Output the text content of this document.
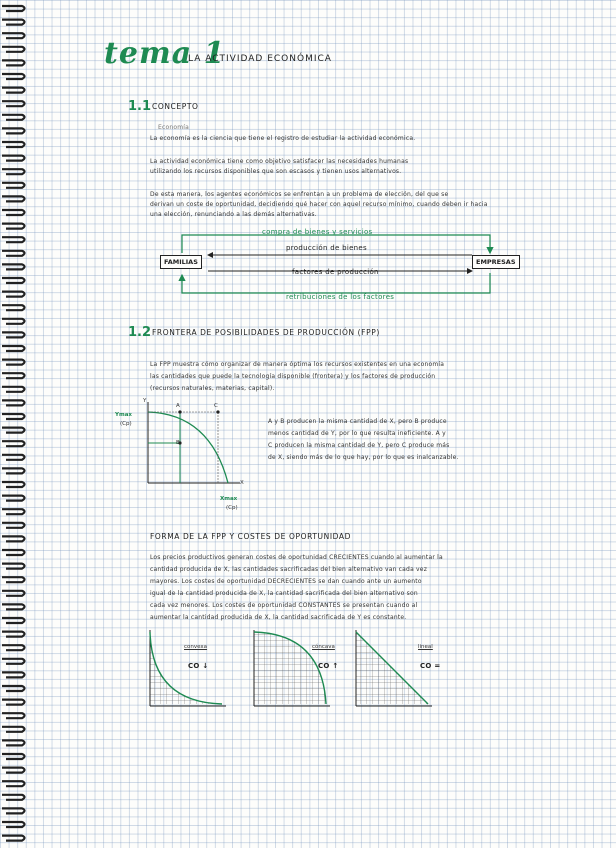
tema 1
LA ACTIVIDAD ECONÓMICA
1.1 CONCEPTO
Economía
La economía es la ciencia que tiene el registro de estudiar la actividad económica.
La actividad económica tiene como objetivo satisfacer las necesidades humanas
utilizando los recursos disponibles que son escasos y tienen usos alternativos.
De esta manera, los agentes económicos se enfrentan a un problema de elección, del que se
derivan un coste de oportunidad, decidiendo qué hacer con aquel recurso mínimo, cuando deben ir hacia
una elección, renunciando a las demás alternativas.
compra de bienes y servicios
producción de bienes
FAMILIAS	EMPRESAS
factores de producción
retribuciones de los factores
1.2 FRONTERA DE POSIBILIDADES DE PRODUCCIÓN (FPP)
La FPP muestra cómo organizar de manera óptima los recursos existentes en una economía
las cantidades que puede la tecnología disponible (frontera) y los factores de producción
(recursos naturales, materias, capital).
Y
Ymax
(Cp)
A
B
C
X
Xmax
(Cp)
A y B producen la misma cantidad de X, pero B produce
menos cantidad de Y, por lo que resulta ineficiente. A y
C producen la misma cantidad de Y, pero C produce más
de X, siendo más de lo que hay, por lo que es inalcanzable.
FORMA DE LA FPP Y COSTES DE OPORTUNIDAD
Los precios productivos generan costes de oportunidad CRECIENTES cuando al aumentar la
cantidad producida de X, las cantidades sacrificadas del bien alternativo van cada vez
mayores. Los costes de oportunidad DECRECIENTES se dan cuando ante un aumento
igual de la cantidad producida de X, la cantidad sacrificada del bien alternativo son
cada vez menores. Los costes de oportunidad CONSTANTES se presentan cuando al
aumentar la cantidad producida de X, la cantidad sacrificada de Y es constante.
convexa
CO ↓
cóncava
CO ↑
lineal
CO =
